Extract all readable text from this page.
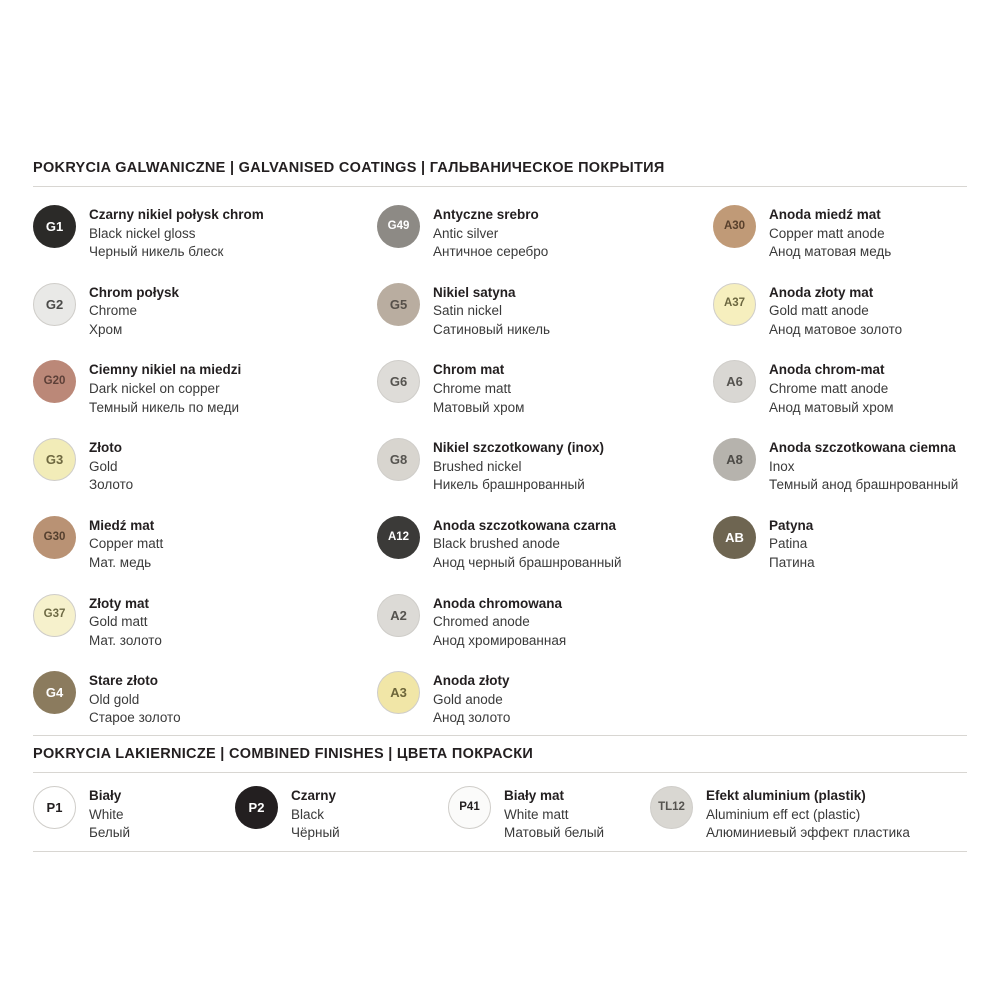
POKRYCIA GALWANICZNE | GALVANISED COATINGS | ГАЛЬВАНИЧЕСКОЕ ПОКРЫТИЯ
POKRYCIA LAKIERNICZE | COMBINED FINISHES | ЦВЕТА ПОКРАСКИ
G1
Czarny nikiel połysk chrom
Black nickel gloss
Черный никель блеск
G2
Chrom połysk
Chrome
Хром
G20
Ciemny nikiel na miedzi
Dark nickel on copper
Темный никель по меди
G3
Złoto
Gold
Золото
G30
Miedź mat
Copper matt
Мат. медь
G37
Złoty mat
Gold matt
Мат. золото
G4
Stare złoto
Old gold
Старое золото
G49
Antyczne srebro
Antic silver
Античное серебро
G5
Nikiel satyna
Satin nickel
Сатиновый никель
G6
Chrom mat
Chrome matt
Матовый хром
G8
Nikiel szczotkowany (inox)
Brushed nickel
Никель брашнрованный
A12
Anoda szczotkowana czarna
Black brushed anode
Анод черный брашнрованный
A2
Anoda chromowana
Chromed anode
Анод хромированная
A3
Anoda złoty
Gold anode
Анод золото
A30
Anoda miedź mat
Copper matt anode
Анод матовая медь
A37
Anoda złoty mat
Gold matt anode
Анод матовое золото
A6
Anoda chrom-mat
Chrome matt anode
Анод матовый хром
A8
Anoda szczotkowana ciemna
Inox
Темный анод брашнрованный
AB
Patyna
Patina
Патина
P1
Biały
White
Белый
P2
Czarny
Black
Чёрный
P41
Biały mat
White matt
Матовый белый
TL12
Efekt aluminium (plastik)
Aluminium eff ect (plastic)
Алюминиевый эффект пластика
